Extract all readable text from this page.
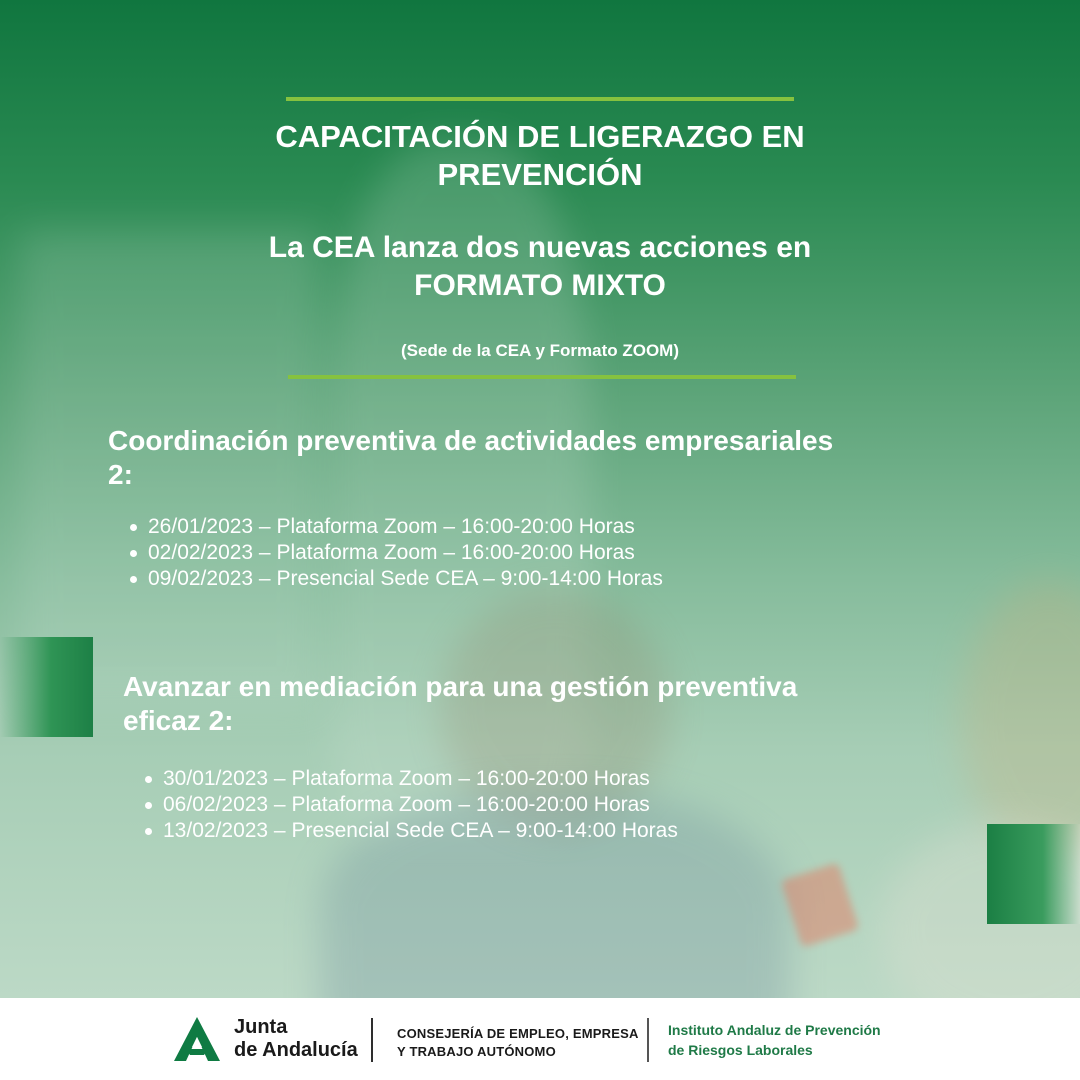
CAPACITACIÓN DE LIGERAZGO EN
PREVENCIÓN
La CEA lanza dos nuevas acciones en
FORMATO MIXTO
(Sede de la CEA y Formato ZOOM)
Coordinación preventiva de actividades empresariales
2:
26/01/2023 – Plataforma Zoom – 16:00-20:00 Horas
02/02/2023 – Plataforma Zoom – 16:00-20:00 Horas
09/02/2023 – Presencial Sede CEA – 9:00-14:00 Horas
Avanzar en mediación para una gestión preventiva
eficaz 2:
30/01/2023 – Plataforma Zoom – 16:00-20:00 Horas
06/02/2023 – Plataforma Zoom – 16:00-20:00 Horas
13/02/2023 – Presencial Sede CEA – 9:00-14:00 Horas
Junta
de Andalucía
CONSEJERÍA DE EMPLEO, EMPRESA
Y TRABAJO AUTÓNOMO
Instituto Andaluz de Prevención
de Riesgos Laborales
